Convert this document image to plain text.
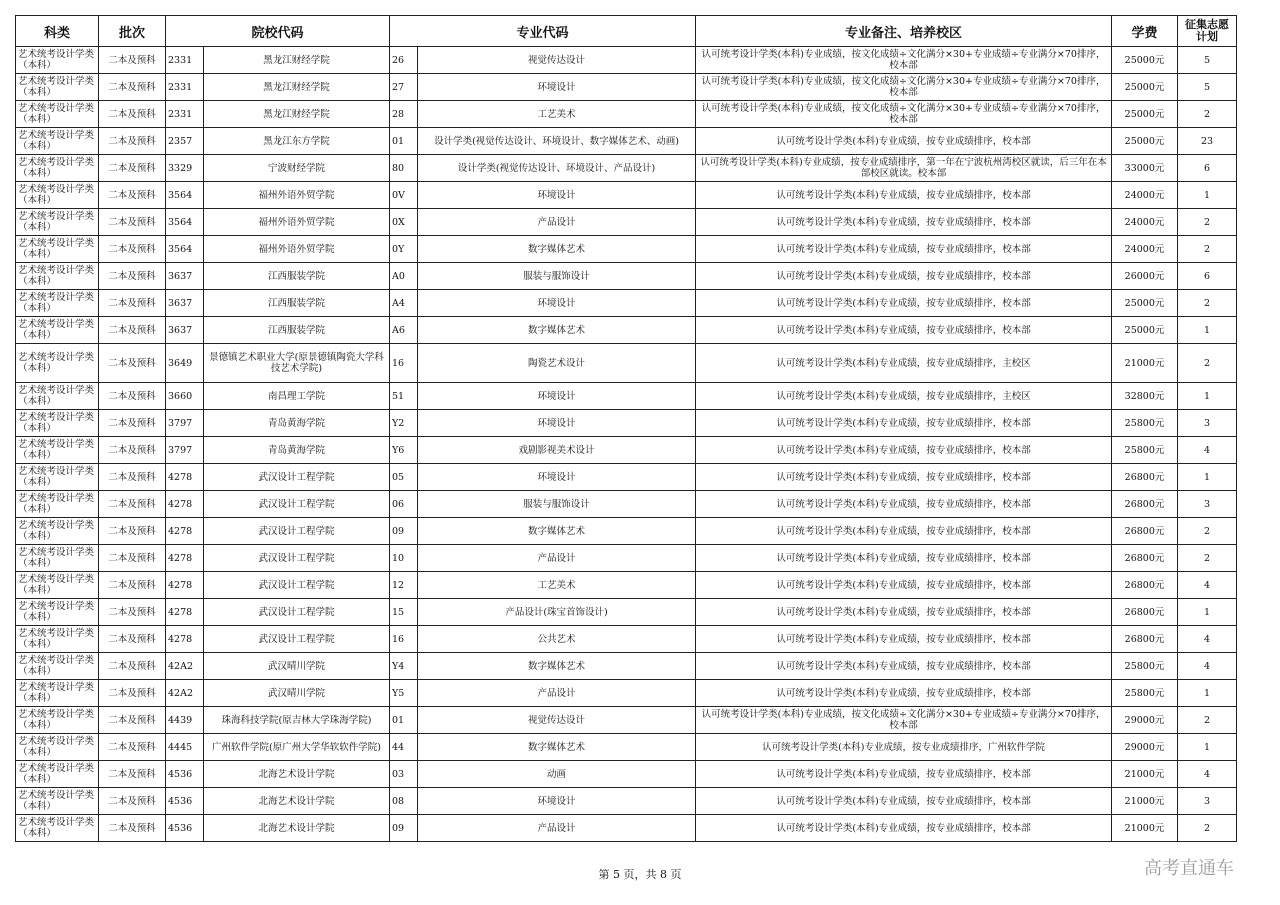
科类	批次	院校代码		专业代码		专业备注、培养校区	学费	征集志愿计划
艺术统考设计学类（本科）	二本及预科	2331	黑龙江财经学院	26	视觉传达设计	认可统考设计学类(本科)专业成绩，按文化成绩÷文化满分×30+专业成绩÷专业满分×70排序，校本部	25000元	5
艺术统考设计学类（本科）	二本及预科	2331	黑龙江财经学院	27	环境设计	认可统考设计学类(本科)专业成绩，按文化成绩÷文化满分×30+专业成绩÷专业满分×70排序，校本部	25000元	5
艺术统考设计学类（本科）	二本及预科	2331	黑龙江财经学院	28	工艺美术	认可统考设计学类(本科)专业成绩，按文化成绩÷文化满分×30+专业成绩÷专业满分×70排序，校本部	25000元	2
艺术统考设计学类（本科）	二本及预科	2357	黑龙江东方学院	01	设计学类(视觉传达设计、环境设计、数字媒体艺术、动画)	认可统考设计学类(本科)专业成绩，按专业成绩排序，校本部	25000元	23
艺术统考设计学类（本科）	二本及预科	3329	宁波财经学院	80	设计学类(视觉传达设计、环境设计、产品设计)	认可统考设计学类(本科)专业成绩，按专业成绩排序，第一年在宁波杭州湾校区就读，后三年在本部校区就读。校本部	33000元	6
艺术统考设计学类（本科）	二本及预科	3564	福州外语外贸学院	0V	环境设计	认可统考设计学类(本科)专业成绩，按专业成绩排序，校本部	24000元	1
艺术统考设计学类（本科）	二本及预科	3564	福州外语外贸学院	0X	产品设计	认可统考设计学类(本科)专业成绩，按专业成绩排序，校本部	24000元	2
艺术统考设计学类（本科）	二本及预科	3564	福州外语外贸学院	0Y	数字媒体艺术	认可统考设计学类(本科)专业成绩，按专业成绩排序，校本部	24000元	2
艺术统考设计学类（本科）	二本及预科	3637	江西服装学院	A0	服装与服饰设计	认可统考设计学类(本科)专业成绩，按专业成绩排序，校本部	26000元	6
艺术统考设计学类（本科）	二本及预科	3637	江西服装学院	A4	环境设计	认可统考设计学类(本科)专业成绩，按专业成绩排序，校本部	25000元	2
艺术统考设计学类（本科）	二本及预科	3637	江西服装学院	A6	数字媒体艺术	认可统考设计学类(本科)专业成绩，按专业成绩排序，校本部	25000元	1
艺术统考设计学类（本科）	二本及预科	3649	景德镇艺术职业大学(原景德镇陶瓷大学科技艺术学院)	16	陶瓷艺术设计	认可统考设计学类(本科)专业成绩，按专业成绩排序，主校区	21000元	2
艺术统考设计学类（本科）	二本及预科	3660	南昌理工学院	51	环境设计	认可统考设计学类(本科)专业成绩，按专业成绩排序，主校区	32800元	1
艺术统考设计学类（本科）	二本及预科	3797	青岛黄海学院	Y2	环境设计	认可统考设计学类(本科)专业成绩，按专业成绩排序，校本部	25800元	3
艺术统考设计学类（本科）	二本及预科	3797	青岛黄海学院	Y6	戏剧影视美术设计	认可统考设计学类(本科)专业成绩，按专业成绩排序，校本部	25800元	4
艺术统考设计学类（本科）	二本及预科	4278	武汉设计工程学院	05	环境设计	认可统考设计学类(本科)专业成绩，按专业成绩排序，校本部	26800元	1
艺术统考设计学类（本科）	二本及预科	4278	武汉设计工程学院	06	服装与服饰设计	认可统考设计学类(本科)专业成绩，按专业成绩排序，校本部	26800元	3
艺术统考设计学类（本科）	二本及预科	4278	武汉设计工程学院	09	数字媒体艺术	认可统考设计学类(本科)专业成绩，按专业成绩排序，校本部	26800元	2
艺术统考设计学类（本科）	二本及预科	4278	武汉设计工程学院	10	产品设计	认可统考设计学类(本科)专业成绩，按专业成绩排序，校本部	26800元	2
艺术统考设计学类（本科）	二本及预科	4278	武汉设计工程学院	12	工艺美术	认可统考设计学类(本科)专业成绩，按专业成绩排序，校本部	26800元	4
艺术统考设计学类（本科）	二本及预科	4278	武汉设计工程学院	15	产品设计(珠宝首饰设计)	认可统考设计学类(本科)专业成绩，按专业成绩排序，校本部	26800元	1
艺术统考设计学类（本科）	二本及预科	4278	武汉设计工程学院	16	公共艺术	认可统考设计学类(本科)专业成绩，按专业成绩排序，校本部	26800元	4
艺术统考设计学类（本科）	二本及预科	42A2	武汉晴川学院	Y4	数字媒体艺术	认可统考设计学类(本科)专业成绩，按专业成绩排序，校本部	25800元	4
艺术统考设计学类（本科）	二本及预科	42A2	武汉晴川学院	Y5	产品设计	认可统考设计学类(本科)专业成绩，按专业成绩排序，校本部	25800元	1
艺术统考设计学类（本科）	二本及预科	4439	珠海科技学院(原吉林大学珠海学院)	01	视觉传达设计	认可统考设计学类(本科)专业成绩，按文化成绩÷文化满分×30+专业成绩÷专业满分×70排序，校本部	29000元	2
艺术统考设计学类（本科）	二本及预科	4445	广州软件学院(原广州大学华软软件学院)	44	数字媒体艺术	认可统考设计学类(本科)专业成绩，按专业成绩排序，广州软件学院	29000元	1
艺术统考设计学类（本科）	二本及预科	4536	北海艺术设计学院	03	动画	认可统考设计学类(本科)专业成绩，按专业成绩排序，校本部	21000元	4
艺术统考设计学类（本科）	二本及预科	4536	北海艺术设计学院	08	环境设计	认可统考设计学类(本科)专业成绩，按专业成绩排序，校本部	21000元	3
艺术统考设计学类（本科）	二本及预科	4536	北海艺术设计学院	09	产品设计	认可统考设计学类(本科)专业成绩，按专业成绩排序，校本部	21000元	2
第 5 页，共 8 页	高考直通车
